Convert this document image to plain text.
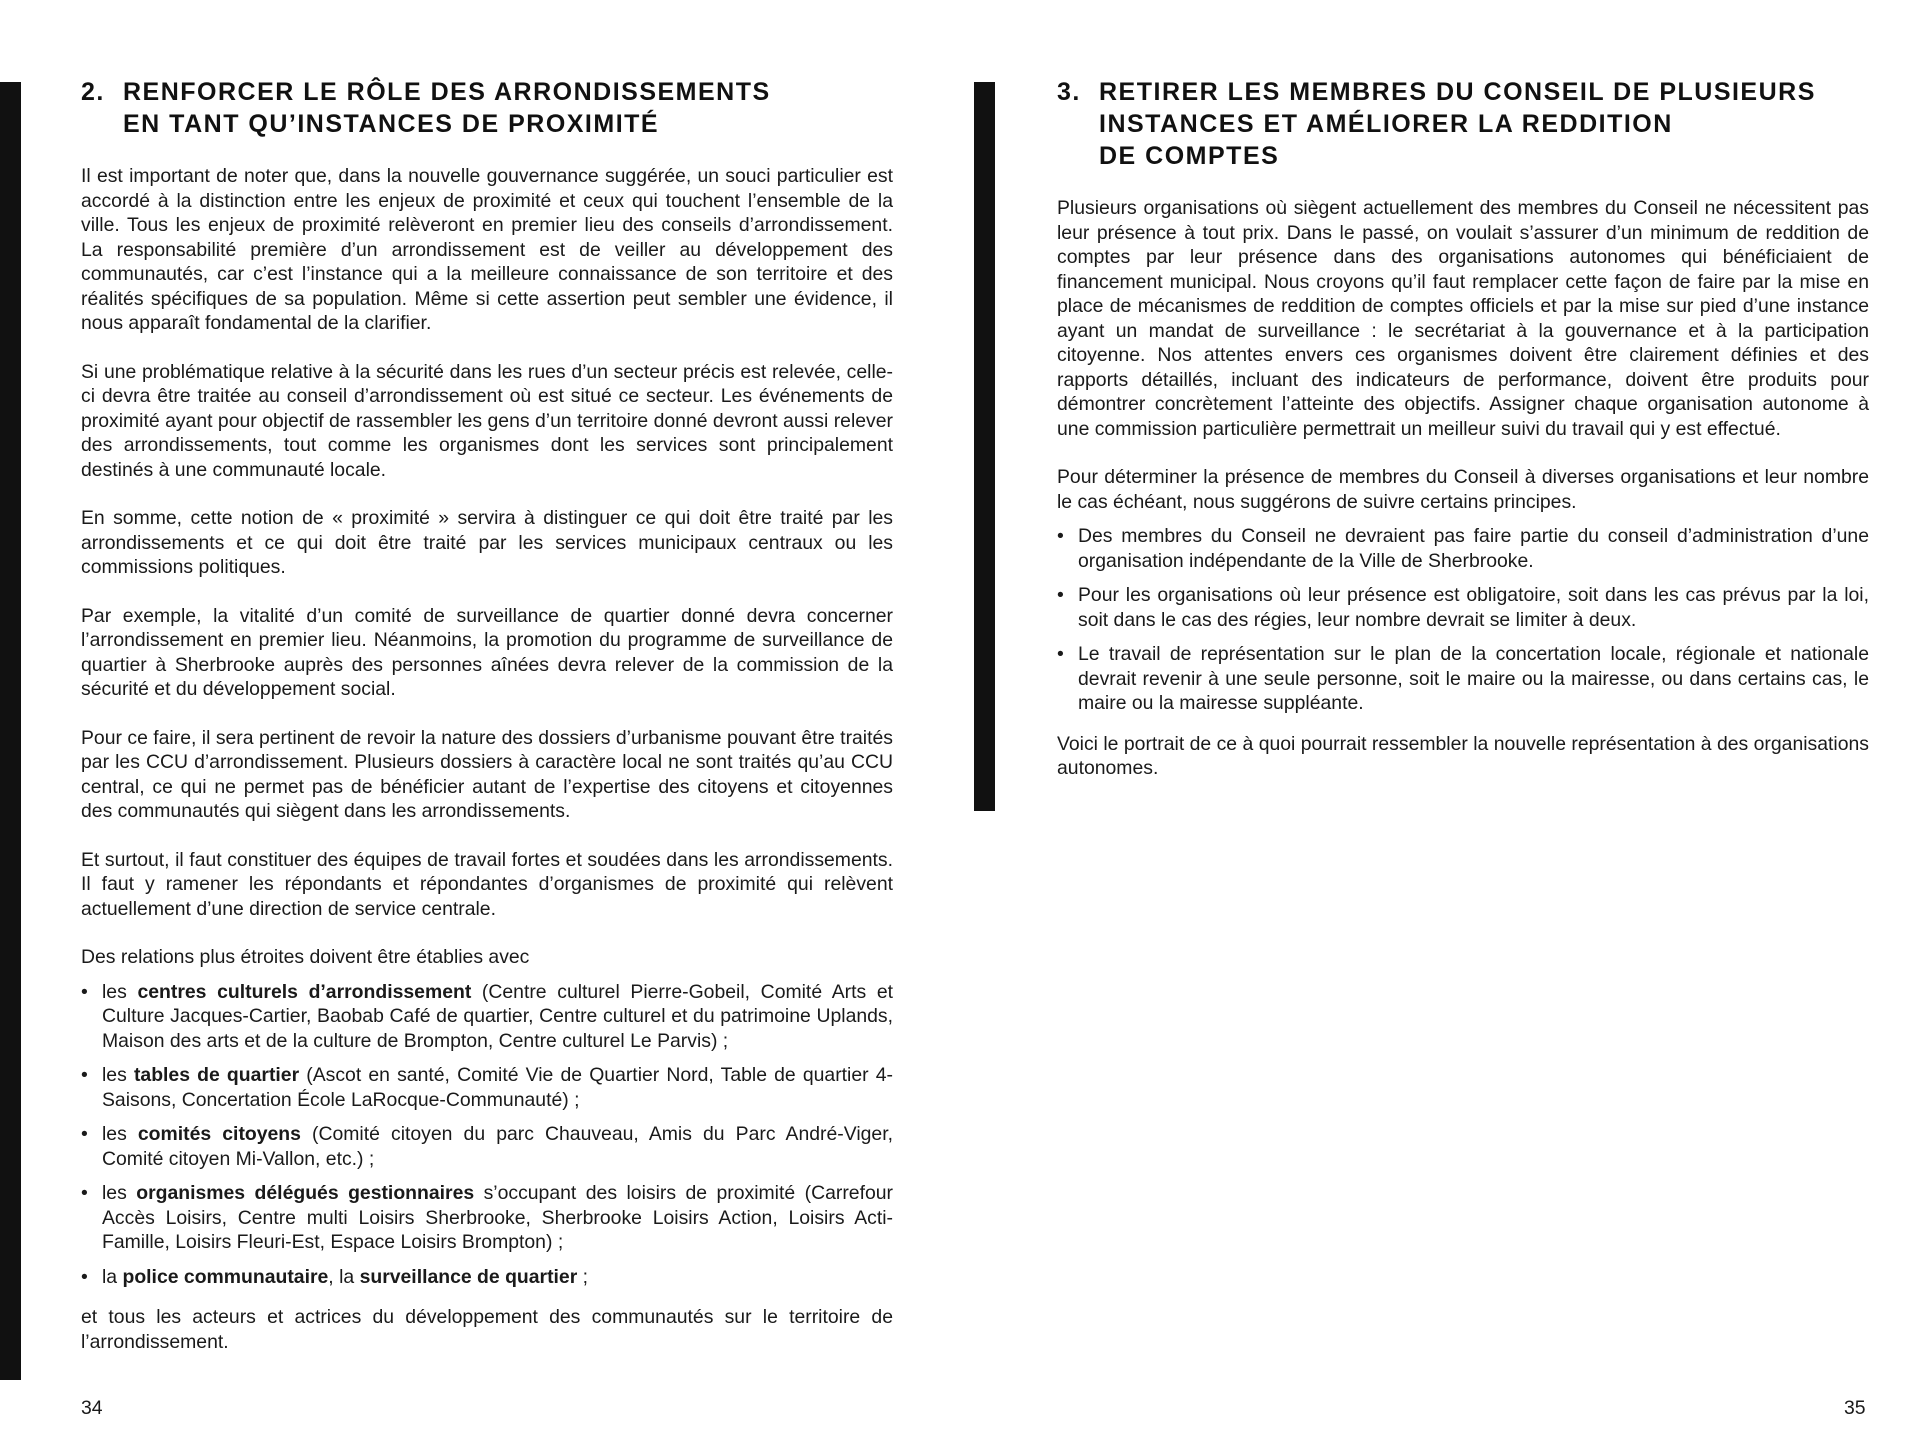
2. RENFORCER LE RÔLE DES ARRONDISSEMENTS
EN TANT QU’INSTANCES DE PROXIMITÉ

Il est important de noter que, dans la nouvelle gouvernance suggérée, un souci particulier est accordé à la distinction entre les enjeux de proximité et ceux qui touchent l’ensemble de la ville. Tous les enjeux de proximité relèveront en premier lieu des conseils d’arrondissement. La responsabilité première d’un arrondissement est de veiller au développement des communautés, car c’est l’instance qui a la meilleure connaissance de son territoire et des réalités spécifiques de sa population. Même si cette assertion peut sembler une évidence, il nous apparaît fondamental de la clarifier.

Si une problématique relative à la sécurité dans les rues d’un secteur précis est relevée, celle-ci devra être traitée au conseil d’arrondissement où est situé ce secteur. Les événements de proximité ayant pour objectif de rassembler les gens d’un territoire donné devront aussi relever des arrondissements, tout comme les organismes dont les services sont principalement destinés à une communauté locale.

En somme, cette notion de « proximité » servira à distinguer ce qui doit être traité par les arrondissements et ce qui doit être traité par les services municipaux centraux ou les commissions politiques.

Par exemple, la vitalité d’un comité de surveillance de quartier donné devra concerner l’arrondissement en premier lieu. Néanmoins, la promotion du programme de surveillance de quartier à Sherbrooke auprès des personnes aînées devra relever de la commission de la sécurité et du développement social.

Pour ce faire, il sera pertinent de revoir la nature des dossiers d’urbanisme pouvant être traités par les CCU d’arrondissement. Plusieurs dossiers à caractère local ne sont traités qu’au CCU central, ce qui ne permet pas de bénéficier autant de l’expertise des citoyens et citoyennes des communautés qui siègent dans les arrondissements.

Et surtout, il faut constituer des équipes de travail fortes et soudées dans les arrondissements. Il faut y ramener les répondants et répondantes d’organismes de proximité qui relèvent actuellement d’une direction de service centrale.

Des relations plus étroites doivent être établies avec

• les centres culturels d’arrondissement (Centre culturel Pierre-Gobeil, Comité Arts et Culture Jacques-Cartier, Baobab Café de quartier, Centre culturel et du patrimoine Uplands, Maison des arts et de la culture de Brompton, Centre culturel Le Parvis) ;
• les tables de quartier (Ascot en santé, Comité Vie de Quartier Nord, Table de quartier 4-Saisons, Concertation École LaRocque-Communauté) ;
• les comités citoyens (Comité citoyen du parc Chauveau, Amis du Parc André-Viger, Comité citoyen Mi-Vallon, etc.) ;
• les organismes délégués gestionnaires s’occupant des loisirs de proximité (Carrefour Accès Loisirs, Centre multi Loisirs Sherbrooke, Sherbrooke Loisirs Action, Loisirs Acti-Famille, Loisirs Fleuri-Est, Espace Loisirs Brompton) ;
• la police communautaire, la surveillance de quartier ;

et tous les acteurs et actrices du développement des communautés sur le territoire de l’arrondissement.

34
3. RETIRER LES MEMBRES DU CONSEIL DE PLUSIEURS
INSTANCES ET AMÉLIORER LA REDDITION
DE COMPTES

Plusieurs organisations où siègent actuellement des membres du Conseil ne nécessitent pas leur présence à tout prix. Dans le passé, on voulait s’assurer d’un minimum de reddition de comptes par leur présence dans des organisations autonomes qui bénéficiaient de financement municipal. Nous croyons qu’il faut remplacer cette façon de faire par la mise en place de mécanismes de reddition de comptes officiels et par la mise sur pied d’une instance ayant un mandat de surveillance : le secrétariat à la gouvernance et à la participation citoyenne. Nos attentes envers ces organismes doivent être clairement définies et des rapports détaillés, incluant des indicateurs de performance, doivent être produits pour démontrer concrètement l’atteinte des objectifs. Assigner chaque organisation autonome à une commission particulière permettrait un meilleur suivi du travail qui y est effectué.

Pour déterminer la présence de membres du Conseil à diverses organisations et leur nombre le cas échéant, nous suggérons de suivre certains principes.

• Des membres du Conseil ne devraient pas faire partie du conseil d’administration d’une organisation indépendante de la Ville de Sherbrooke.
• Pour les organisations où leur présence est obligatoire, soit dans les cas prévus par la loi, soit dans le cas des régies, leur nombre devrait se limiter à deux.
• Le travail de représentation sur le plan de la concertation locale, régionale et nationale devrait revenir à une seule personne, soit le maire ou la mairesse, ou dans certains cas, le maire ou la mairesse suppléante.

Voici le portrait de ce à quoi pourrait ressembler la nouvelle représentation à des organisations autonomes.

35
